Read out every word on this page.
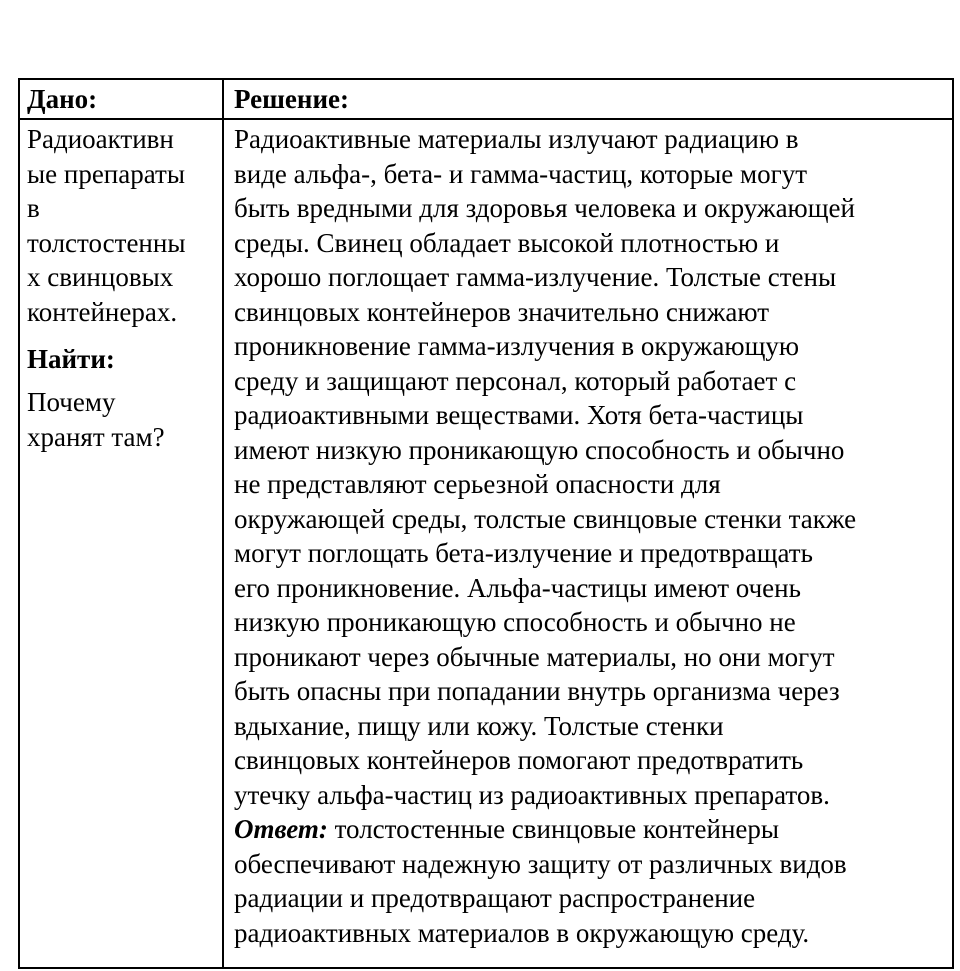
Дано:
Радиоактивн
ые препараты
в
толстостенны
х свинцовых
контейнерах.
Найти:
Почему
хранят там?
Решение:
Радиоактивные материалы излучают радиацию в
виде альфа-, бета- и гамма-частиц, которые могут
быть вредными для здоровья человека и окружающей
среды. Свинец обладает высокой плотностью и
хорошо поглощает гамма-излучение. Толстые стены
свинцовых контейнеров значительно снижают
проникновение гамма-излучения в окружающую
среду и защищают персонал, который работает с
радиоактивными веществами. Хотя бета-частицы
имеют низкую проникающую способность и обычно
не представляют серьезной опасности для
окружающей среды, толстые свинцовые стенки также
могут поглощать бета-излучение и предотвращать
его проникновение. Альфа-частицы имеют очень
низкую проникающую способность и обычно не
проникают через обычные материалы, но они могут
быть опасны при попадании внутрь организма через
вдыхание, пищу или кожу. Толстые стенки
свинцовых контейнеров помогают предотвратить
утечку альфа-частиц из радиоактивных препаратов.
Ответ: толстостенные свинцовые контейнеры
обеспечивают надежную защиту от различных видов
радиации и предотвращают распространение
радиоактивных материалов в окружающую среду.
